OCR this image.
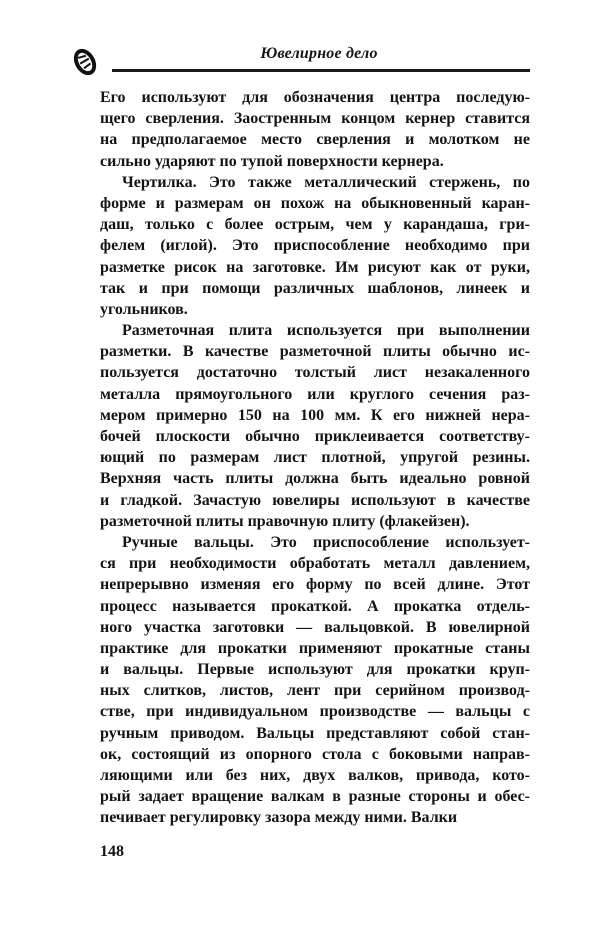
Ювелирное дело
Его используют для обозначения центра последую-
щего сверления. Заостренным концом кернер ставится
на предполагаемое место сверления и молотком не
сильно ударяют по тупой поверхности кернера.
Чертилка. Это также металлический стержень, по
форме и размерам он похож на обыкновенный каран-
даш, только с более острым, чем у карандаша, гри-
фелем (иглой). Это приспособление необходимо при
разметке рисок на заготовке. Им рисуют как от руки,
так и при помощи различных шаблонов, линеек и
угольников.
Разметочная плита используется при выполнении
разметки. В качестве разметочной плиты обычно ис-
пользуется достаточно толстый лист незакаленного
металла прямоугольного или круглого сечения раз-
мером примерно 150 на 100 мм. К его нижней нера-
бочей плоскости обычно приклеивается соответству-
ющий по размерам лист плотной, упругой резины.
Верхняя часть плиты должна быть идеально ровной
и гладкой. Зачастую ювелиры используют в качестве
разметочной плиты правочную плиту (флакейзен).
Ручные вальцы. Это приспособление использует-
ся при необходимости обработать металл давлением,
непрерывно изменяя его форму по всей длине. Этот
процесс называется прокаткой. А прокатка отдель-
ного участка заготовки — вальцовкой. В ювелирной
практике для прокатки применяют прокатные станы
и вальцы. Первые используют для прокатки круп-
ных слитков, листов, лент при серийном производ-
стве, при индивидуальном производстве — вальцы с
ручным приводом. Вальцы представляют собой стан-
ок, состоящий из опорного стола с боковыми направ-
ляющими или без них, двух валков, привода, кото-
рый задает вращение валкам в разные стороны и обес-
печивает регулировку зазора между ними. Валки
148
